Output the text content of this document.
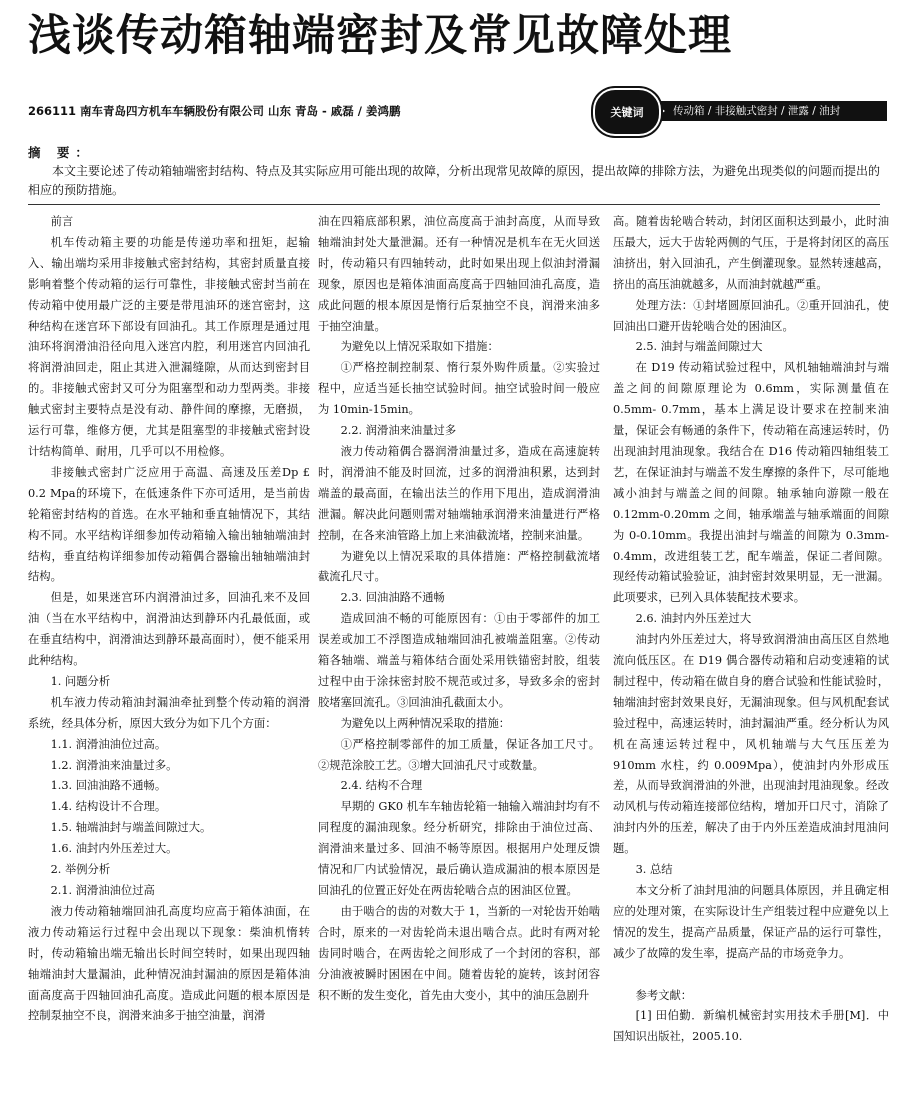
浅谈传动箱轴端密封及常见故障处理
266111 南车青岛四方机车车辆股份有限公司 山东 青岛 - 戚磊 / 姜鸿鹏	传动箱 / 非接触式密封 / 泄露 / 油封
关键词
摘 要：
本文主要论述了传动箱轴端密封结构、特点及其实际应用可能出现的故障，分析出现常见故障的原因，提出故障的排除方法，为避免出现类似的问题而提出的相应的预防措施。

前言

机车传动箱主要的功能是传递功率和扭矩，起输入、输出端均采用非接触式密封结构，其密封质量直接影响着整个传动箱的运行可靠性，非接触式密封当前在传动箱中使用最广泛的主要是带甩油环的迷宫密封，这种结构在迷宫环下部设有回油孔。其工作原理是通过甩油环将润滑油沿径向甩入迷宫内腔，利用迷宫内回油孔将润滑油回走，阻止其进入泄漏缝隙，从而达到密封目的。非接触式密封又可分为阻塞型和动力型两类。非接触式密封主要特点是没有动、静件间的摩擦，无磨损，运行可靠，维修方便，尤其是阻塞型的非接触式密封设计结构简单、耐用，几乎可以不用检修。

非接触式密封广泛应用于高温、高速及压差Dp £ 0.2 Mpa的环境下，在低速条件下亦可适用，是当前齿轮箱密封结构的首选。在水平轴和垂直轴情况下，其结构不同。水平结构详细参加传动箱输入输出轴轴端油封结构，垂直结构详细参加传动箱偶合器输出轴轴端油封结构。

但是，如果迷宫环内润滑油过多，回油孔来不及回油（当在水平结构中，润滑油达到静环内孔最低面，或在垂直结构中，润滑油达到静环最高面时），便不能采用此种结构。

1. 问题分析

机车液力传动箱油封漏油牵扯到整个传动箱的润滑系统，经具体分析，原因大致分为如下几个方面：

1.1. 润滑油油位过高。

1.2. 润滑油来油量过多。

1.3. 回油油路不通畅。

1.4. 结构设计不合理。

1.5. 轴端油封与端盖间隙过大。

1.6. 油封内外压差过大。

2. 举例分析

2.1. 润滑油油位过高

液力传动箱轴端回油孔高度均应高于箱体油面，在液力传动箱运行过程中会出现以下现象：柴油机惰转时，传动箱输出端无输出长时间空转时，如果出现四轴轴端油封大量漏油，此种情况油封漏油的原因是箱体油面高度高于四轴回油孔高度。造成此问题的根本原因是控制泵抽空不良，润滑来油多于抽空油量，润滑

油在四箱底部积累，油位高度高于油封高度，从而导致轴端油封处大量泄漏。还有一种情况是机车在无火回送时，传动箱只有四轴转动，此时如果出现上似油封滑漏现象，原因也是箱体油面高度高于四轴回油孔高度，造成此问题的根本原因是惰行后泵抽空不良，润滑来油多于抽空油量。

为避免以上情况采取如下措施：

①严格控制控制泵、惰行泵外购件质量。②实验过程中，应适当延长抽空试验时间。抽空试验时间一般应为 10min-15min。

2.2. 润滑油来油量过多

液力传动箱偶合器润滑油量过多，造成在高速旋转时，润滑油不能及时回流，过多的润滑油积累，达到封端盖的最高面，在输出法兰的作用下甩出，造成润滑油泄漏。解决此问题则需对轴端轴承润滑来油量进行严格控制，在各来油管路上加上来油截流堵，控制来油量。

为避免以上情况采取的具体措施：严格控制截流堵截流孔尺寸。

2.3. 回油油路不通畅

造成回油不畅的可能原因有：①由于零部件的加工误差或加工不浮图造成轴端回油孔被端盖阻塞。②传动箱各轴端、端盖与箱体结合面处采用铁锚密封胶，组装过程中由于涂抹密封胶不规范或过多，导致多余的密封胶堵塞回流孔。③回油油孔截面太小。

为避免以上两种情况采取的措施：

①严格控制零部件的加工质量，保证各加工尺寸。②规范涂胶工艺。③增大回油孔尺寸或数量。

2.4. 结构不合理

早期的 GK0 机车车轴齿轮箱一轴输入端油封均有不同程度的漏油现象。经分析研究，排除由于油位过高、润滑油来量过多、回油不畅等原因。根据用户处理反馈情况和厂内试验情况，最后确认造成漏油的根本原因是回油孔的位置正好处在两齿轮啮合点的困油区位置。

由于啮合的齿的对数大于 1，当新的一对轮齿开始啮合时，原来的一对齿轮尚未退出啮合点。此时有两对轮齿同时啮合，在两齿轮之间形成了一个封闭的容积，部分油液被瞬时困困在中间。随着齿轮的旋转，该封闭容积不断的发生变化，首先由大变小，其中的油压急剧升

高。随着齿轮啮合转动，封闭区面积达到最小，此时油压最大，远大于齿轮两侧的气压，于是将封闭区的高压油挤出，射入回油孔，产生倒灌现象。显然转速越高，挤出的高压油就越多，从而油封就越严重。

处理方法：①封堵圆原回油孔。②重开回油孔，使回油出口避开齿轮啮合处的困油区。

2.5. 油封与端盖间隙过大

在 D19 传动箱试验过程中，风机轴轴端油封与端盖之间的间隙原理论为 0.6mm，实际测量值在 0.5mm- 0.7mm，基本上满足设计要求在控制来油量，保证会有畅通的条件下，传动箱在高速运转时，仍出现油封甩油现象。我结合在 D16 传动箱四轴组装工艺，在保证油封与端盖不发生摩擦的条件下，尽可能地减小油封与端盖之间的间隙。轴承轴向游隙一般在 0.12mm-0.20mm 之间，轴承端盖与轴承端面的间隙为 0-0.10mm。我提出油封与端盖的间隙为 0.3mm-0.4mm，改进组装工艺，配车端盖，保证二者间隙。现经传动箱试验验证，油封密封效果明显，无一泄漏。此项要求，已列入具体装配技术要求。

2.6. 油封内外压差过大

油封内外压差过大，将导致润滑油由高压区自然地流向低压区。在 D19 偶合器传动箱和启动变速箱的试制过程中，传动箱在做自身的磨合试验和性能试验时，轴端油封密封效果良好，无漏油现象。但与风机配套试验过程中，高速运转时，油封漏油严重。经分析认为风机在高速运转过程中，风机轴端与大气压压差为 910mm 水柱，约 0.009Mpa），使油封内外形成压差，从而导致润滑油的外泄，出现油封甩油现象。经改动风机与传动箱连接部位结构，增加开口尺寸，消除了油封内外的压差，解决了由于内外压差造成油封甩油问题。

3. 总结

本文分析了油封甩油的问题具体原因，并且确定相应的处理对策，在实际设计生产组装过程中应避免以上情况的发生，提高产品质量，保证产品的运行可靠性，减少了故障的发生率，提高产品的市场竞争力。

参考文献：

[1] 田伯勤．新编机械密封实用技术手册[M]．中国知识出版社，2005.10.
